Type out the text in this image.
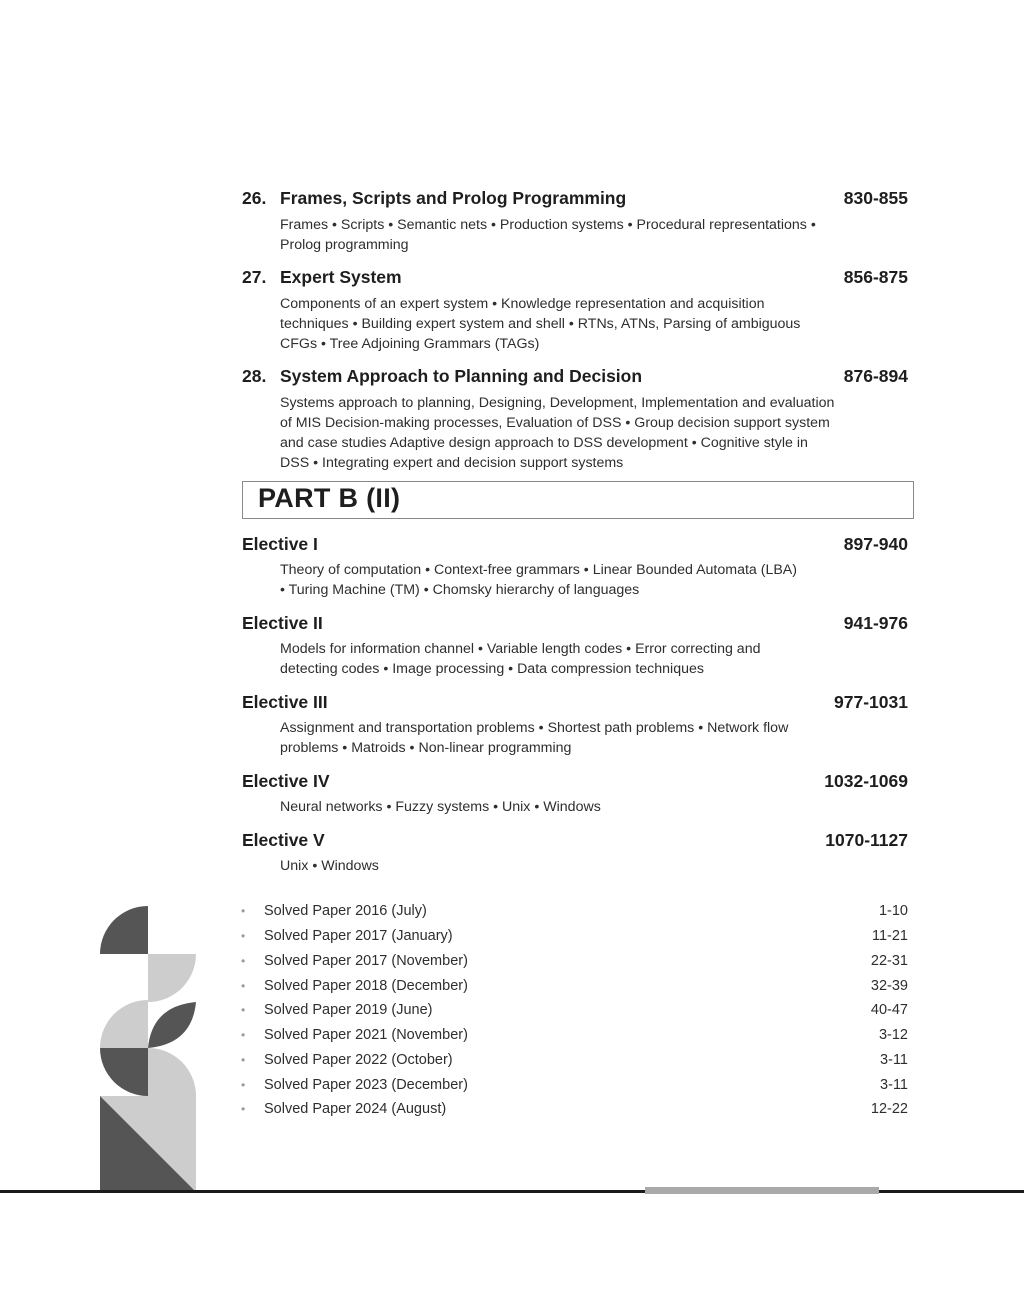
26. Frames, Scripts and Prolog Programming	830-855
Frames • Scripts • Semantic nets • Production systems • Procedural representations • Prolog programming
27. Expert System	856-875
Components of an expert system • Knowledge representation and acquisition techniques • Building expert system and shell • RTNs, ATNs, Parsing of ambiguous CFGs • Tree Adjoining Grammars (TAGs)
28. System Approach to Planning and Decision	876-894
Systems approach to planning, Designing, Development, Implementation and evaluation of MIS Decision-making processes, Evaluation of DSS • Group decision support system and case studies Adaptive design approach to DSS development • Cognitive style in DSS • Integrating expert and decision support systems
PART B (II)
Elective I	897-940
Theory of computation • Context-free grammars • Linear Bounded Automata (LBA) • Turing Machine (TM) • Chomsky hierarchy of languages
Elective II	941-976
Models for information channel • Variable length codes • Error correcting and detecting codes • Image processing • Data compression techniques
Elective III	977-1031
Assignment and transportation problems • Shortest path problems • Network flow problems • Matroids • Non-linear programming
Elective IV	1032-1069
Neural networks • Fuzzy systems • Unix • Windows
Elective V	1070-1127
Unix • Windows
•	Solved Paper 2016 (July)	1-10
•	Solved Paper 2017 (January)	11-21
•	Solved Paper 2017 (November)	22-31
•	Solved Paper 2018 (December)	32-39
•	Solved Paper 2019 (June)	40-47
•	Solved Paper 2021 (November)	3-12
•	Solved Paper 2022 (October)	3-11
•	Solved Paper 2023 (December)	3-11
•	Solved Paper 2024 (August)	12-22
